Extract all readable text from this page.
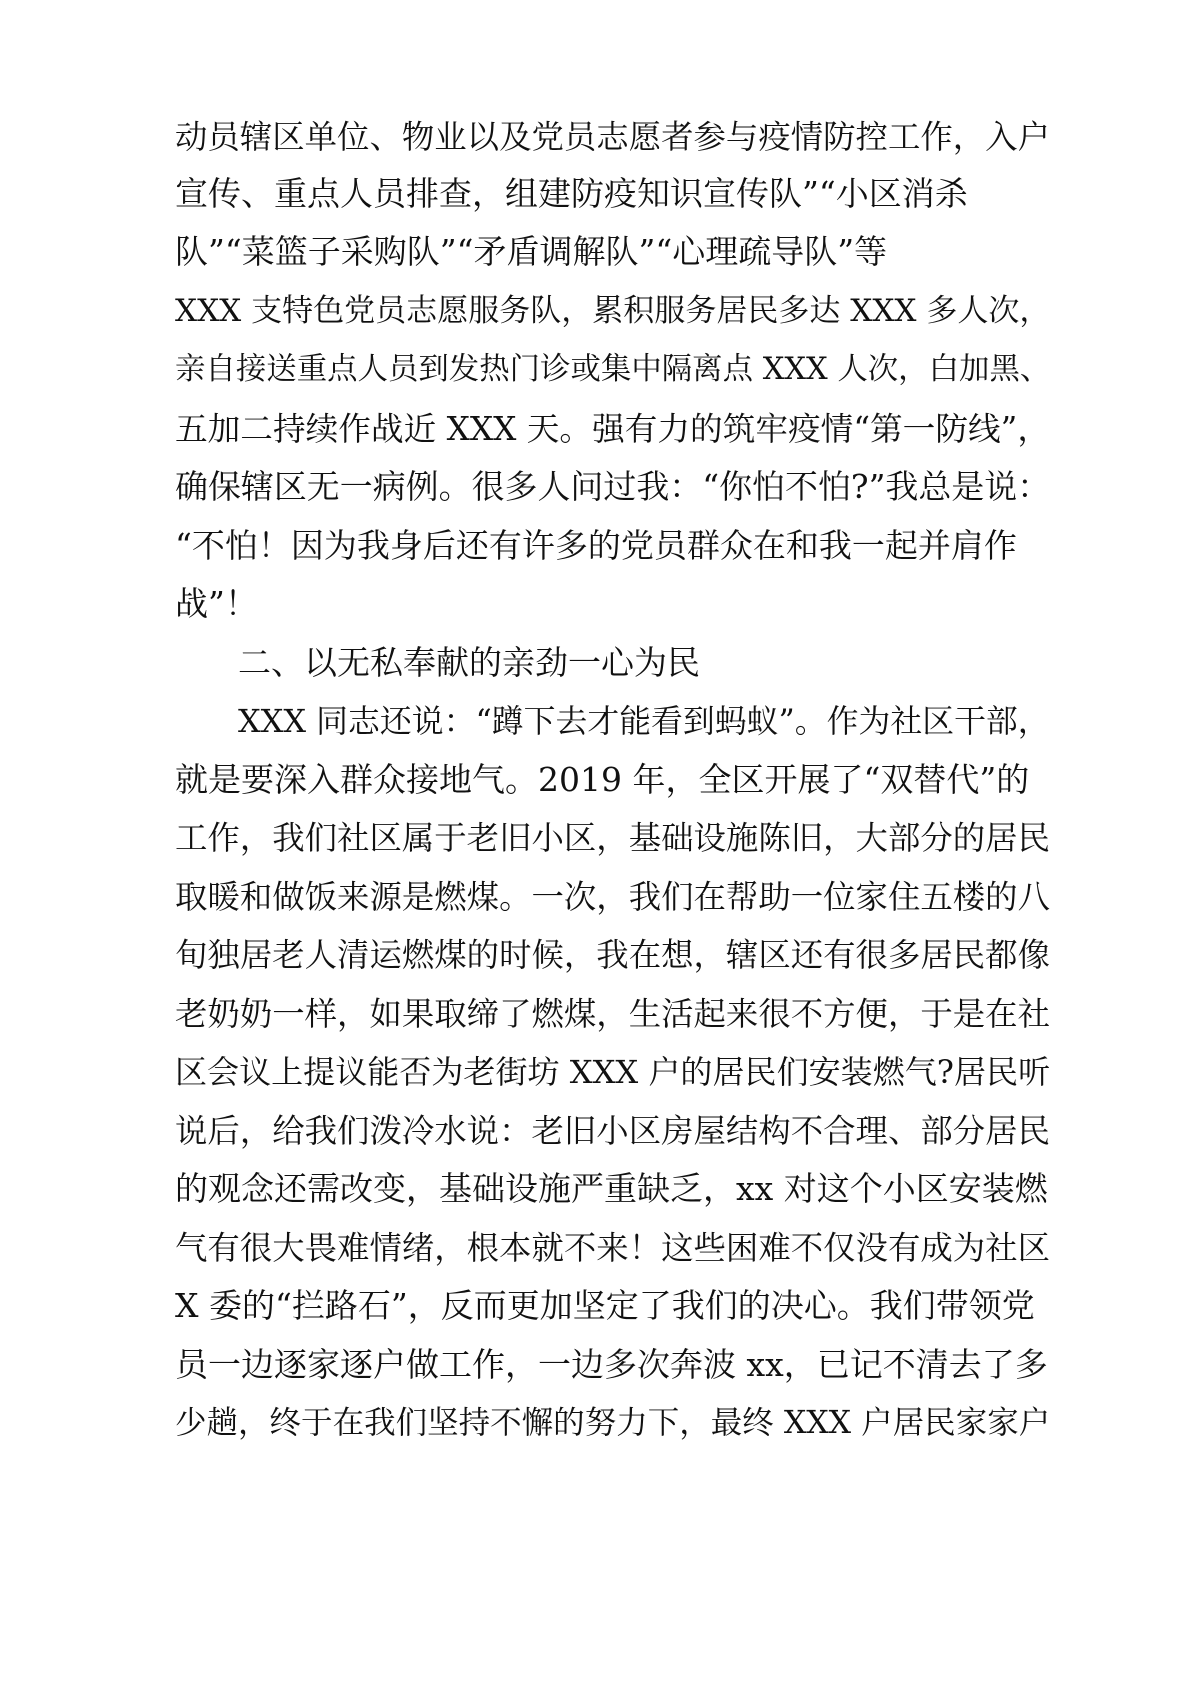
动员辖区单位、物业以及党员志愿者参与疫情防控工作，入户
宣传、重点人员排查，组建防疫知识宣传队”“小区消杀
队”“菜篮子采购队”“矛盾调解队”“心理疏导队”等
XXX 支特色党员志愿服务队，累积服务居民多达 XXX 多人次，
亲自接送重点人员到发热门诊或集中隔离点 XXX 人次，白加黑、
五加二持续作战近 XXX 天。强有力的筑牢疫情“第一防线”，
确保辖区无一病例。很多人问过我：“你怕不怕?”我总是说：
“不怕！因为我身后还有许多的党员群众在和我一起并肩作
战”！
二、以无私奉献的亲劲一心为民
XXX 同志还说：“蹲下去才能看到蚂蚁”。作为社区干部，
就是要深入群众接地气。2019 年，全区开展了“双替代”的
工作，我们社区属于老旧小区，基础设施陈旧，大部分的居民
取暖和做饭来源是燃煤。一次，我们在帮助一位家住五楼的八
旬独居老人清运燃煤的时候，我在想，辖区还有很多居民都像
老奶奶一样，如果取缔了燃煤，生活起来很不方便，于是在社
区会议上提议能否为老街坊 XXX 户的居民们安装燃气?居民听
说后，给我们泼冷水说：老旧小区房屋结构不合理、部分居民
的观念还需改变，基础设施严重缺乏，xx 对这个小区安装燃
气有很大畏难情绪，根本就不来！这些困难不仅没有成为社区
X 委的“拦路石”，反而更加坚定了我们的决心。我们带领党
员一边逐家逐户做工作，一边多次奔波 xx，已记不清去了多
少趟，终于在我们坚持不懈的努力下，最终 XXX 户居民家家户
